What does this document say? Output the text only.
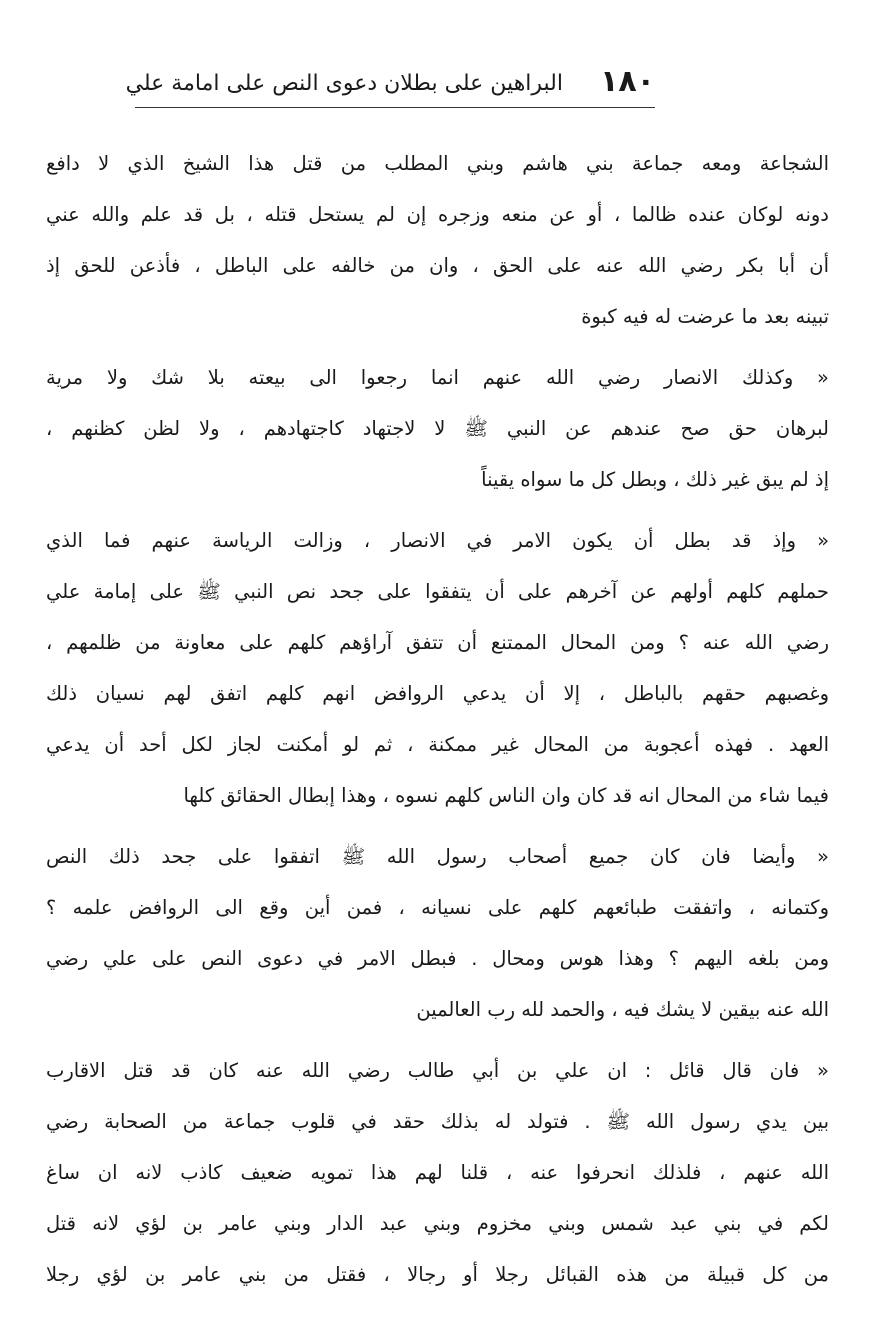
١٨٠
البراهين على بطلان دعوى النص على امامة علي
الشجاعة ومعه جماعة بني هاشم وبني المطلب من قتل هذا الشيخ الذي لا دافع
دونه لوكان عنده ظالما ، أو عن منعه وزجره إن لم يستحل قتله ، بل قد علم والله عني
أن أبا بكر رضي الله عنه على الحق ، وان من خالفه على الباطل ، فأذعن للحق إذ
تبينه بعد ما عرضت له فيه كبوة
« وكذلك الانصار رضي الله عنهم انما رجعوا الى بيعته بلا شك ولا مرية
لبرهان حق صح عندهم عن النبي ﷺ لا لاجتهاد كاجتهادهم ، ولا لظن كظنهم ،
إذ لم يبق غير ذلك ، وبطل كل ما سواه يقيناً
« وإذ قد بطل أن يكون الامر في الانصار ، وزالت الرياسة عنهم فما الذي
حملهم كلهم أولهم عن آخرهم على أن يتفقوا على جحد نص النبي ﷺ على إمامة علي
رضي الله عنه ؟ ومن المحال الممتنع أن تتفق آراؤهم كلهم على معاونة من ظلمهم ،
وغصبهم حقهم بالباطل ، إلا أن يدعي الروافض انهم كلهم اتفق لهم نسيان ذلك
العهد . فهذه أعجوبة من المحال غير ممكنة ، ثم لو أمكنت لجاز لكل أحد أن يدعي
فيما شاء من المحال انه قد كان وان الناس كلهم نسوه ، وهذا إبطال الحقائق كلها
« وأيضا فان كان جميع أصحاب رسول الله ﷺ اتفقوا على جحد ذلك النص
وكتمانه ، واتفقت طبائعهم كلهم على نسيانه ، فمن أين وقع الى الروافض علمه ؟
ومن بلغه اليهم ؟ وهذا هوس ومحال . فبطل الامر في دعوى النص على علي رضي
الله عنه بيقين لا يشك فيه ، والحمد لله رب العالمين
« فان قال قائل : ان علي بن أبي طالب رضي الله عنه كان قد قتل الاقارب
بين يدي رسول الله ﷺ . فتولد له بذلك حقد في قلوب جماعة من الصحابة رضي
الله عنهم ، فلذلك انحرفوا عنه ، قلنا لهم هذا تمويه ضعيف كاذب لانه ان ساغ
لكم في بني عبد شمس وبني مخزوم وبني عبد الدار وبني عامر بن لؤي لانه قتل
من كل قبيلة من هذه القبائل رجلا أو رجالا ، فقتل من بني عامر بن لؤي رجلا
